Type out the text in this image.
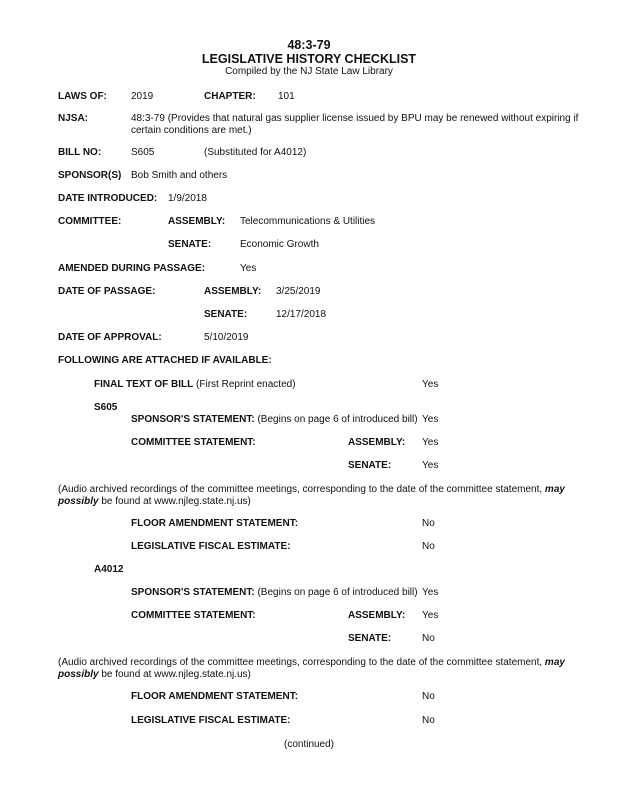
48:3-79
LEGISLATIVE HISTORY CHECKLIST
Compiled by the NJ State Law Library
LAWS OF: 2019	CHAPTER: 101
NJSA:	48:3-79 (Provides that natural gas supplier license issued by BPU may be renewed without expiring if certain conditions are met.)
BILL NO:	S605	(Substituted for A4012)
SPONSOR(S) Bob Smith and others
DATE INTRODUCED: 1/9/2018
COMMITTEE:	ASSEMBLY: Telecommunications & Utilities
SENATE:	Economic Growth
AMENDED DURING PASSAGE:	Yes
DATE OF PASSAGE:	ASSEMBLY: 3/25/2019
SENATE:	12/17/2018
DATE OF APPROVAL:	5/10/2019
FOLLOWING ARE ATTACHED IF AVAILABLE:
FINAL TEXT OF BILL (First Reprint enacted)	Yes
S605
SPONSOR'S STATEMENT: (Begins on page 6 of introduced bill) Yes
COMMITTEE STATEMENT:	ASSEMBLY: Yes
SENATE:	Yes
(Audio archived recordings of the committee meetings, corresponding to the date of the committee statement, may possibly be found at www.njleg.state.nj.us)
FLOOR AMENDMENT STATEMENT:	No
LEGISLATIVE FISCAL ESTIMATE:	No
A4012
SPONSOR'S STATEMENT: (Begins on page 6 of introduced bill) Yes
COMMITTEE STATEMENT:	ASSEMBLY: Yes
SENATE:	No
(Audio archived recordings of the committee meetings, corresponding to the date of the committee statement, may possibly be found at www.njleg.state.nj.us)
FLOOR AMENDMENT STATEMENT:	No
LEGISLATIVE FISCAL ESTIMATE:	No
(continued)
